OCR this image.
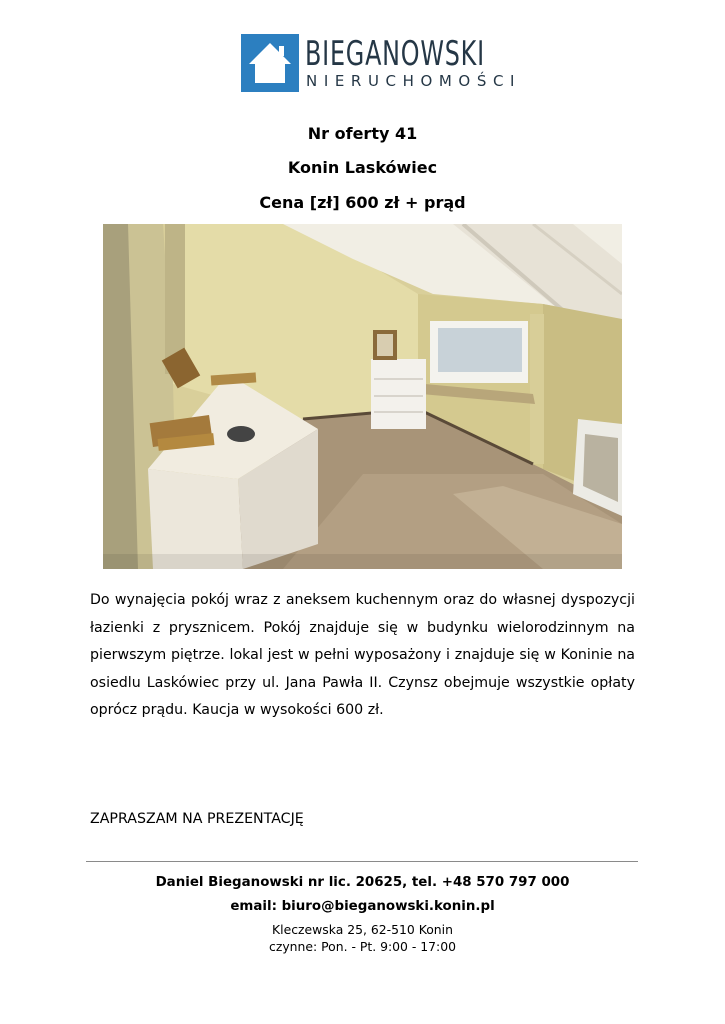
BIEGANOWSKI
NIERUCHOMOŚCI
Nr oferty 41
Konin Laskówiec
Cena [zł] 600 zł + prąd
Do wynajęcia pokój wraz z aneksem kuchennym oraz do własnej dyspozycji łazienki z prysznicem. Pokój znajduje się w budynku wielorodzinnym na pierwszym piętrze. lokal jest w pełni wyposażony i znajduje się w Koninie na osiedlu Laskówiec przy ul. Jana Pawła II. Czynsz obejmuje wszystkie opłaty oprócz prądu. Kaucja w wysokości 600 zł.
ZAPRASZAM NA PREZENTACJĘ
Daniel Bieganowski nr lic. 20625, tel. +48 570 797 000
email: biuro@bieganowski.konin.pl
Kleczewska 25, 62-510 Konin
czynne: Pon. - Pt. 9:00 - 17:00
